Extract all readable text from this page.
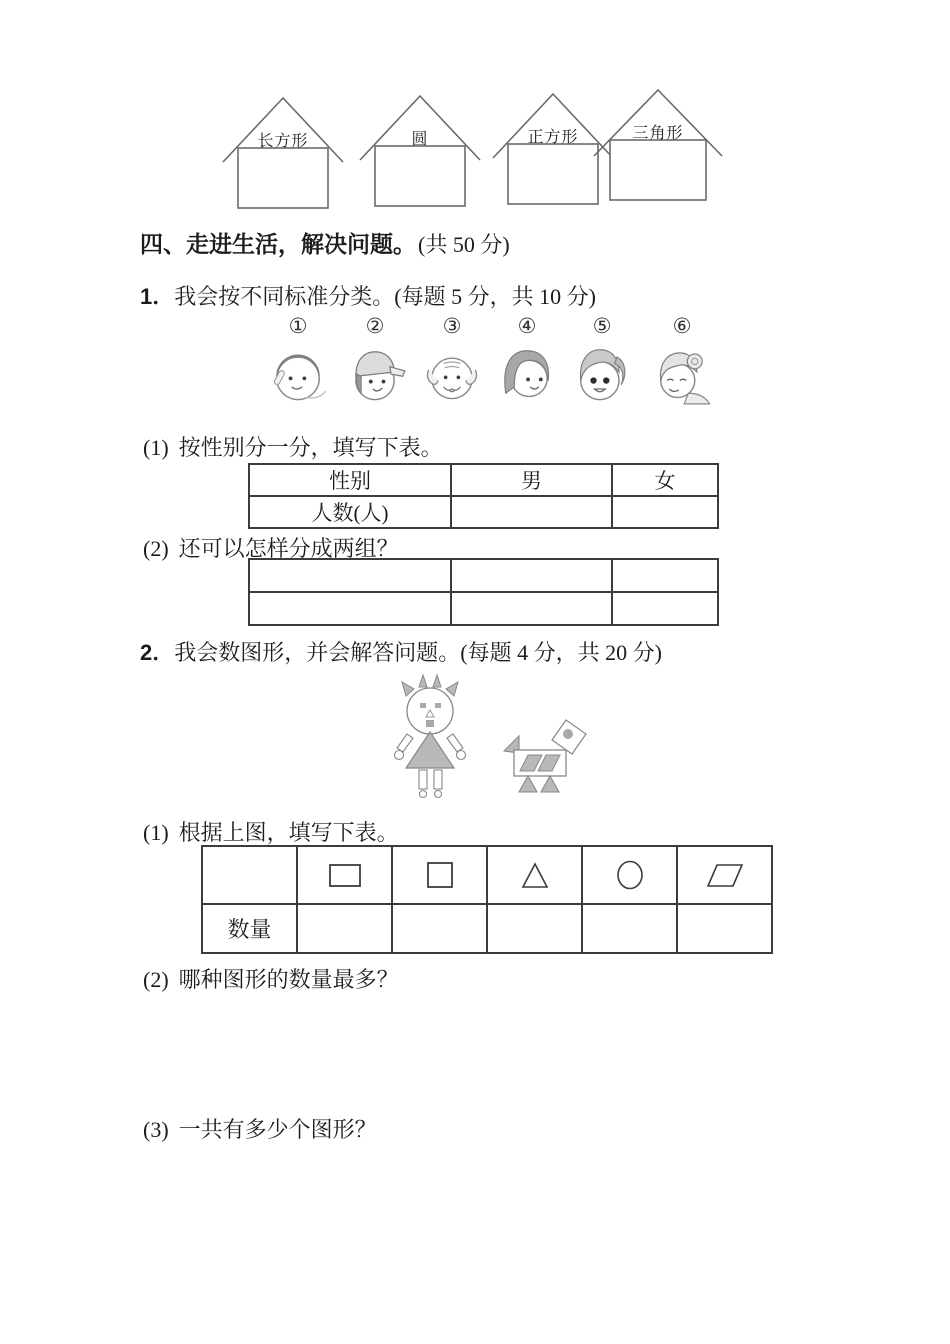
长方形	圆	正方形	三角形
四、走进生活，解决问题。(共 50 分)
1．我会按不同标准分类。(每题 5 分，共 10 分)
①	②	③	④	⑤	⑥
(1) 按性别分一分，填写下表。
性别	男	女
人数(人)		
(2) 还可以怎样分成两组？

2．我会数图形，并会解答问题。(每题 4 分，共 20 分)
(1) 根据上图，填写下表。

数量					
(2) 哪种图形的数量最多？
(3) 一共有多少个图形？
